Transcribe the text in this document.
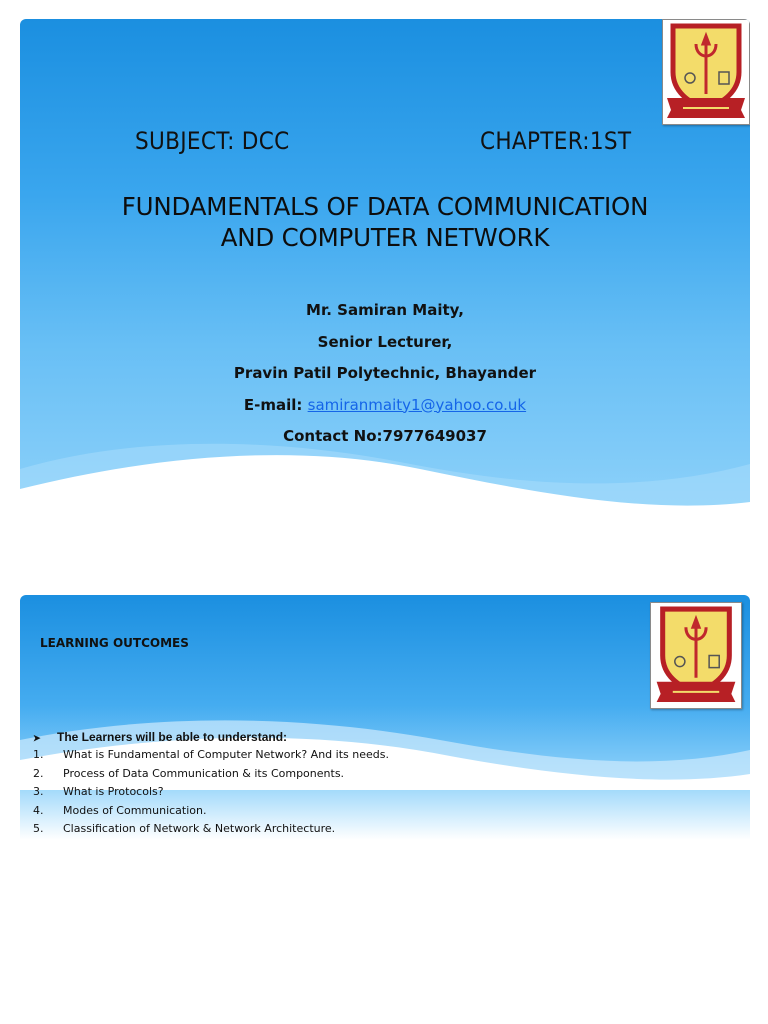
SUBJECT: DCC	CHAPTER:1ST
FUNDAMENTALS OF DATA COMMUNICATION
AND COMPUTER NETWORK
Mr. Samiran Maity,
Senior Lecturer,
Pravin Patil Polytechnic, Bhayander
E-mail: samiranmaity1@yahoo.co.uk
Contact No:7977649037
LEARNING OUTCOMES
➤ The Learners will be able to understand:
1. What is Fundamental of Computer Network? And its needs.
2. Process of Data Communication & its Components.
3. What is Protocols?
4. Modes of Communication.
5. Classification of Network & Network Architecture.
